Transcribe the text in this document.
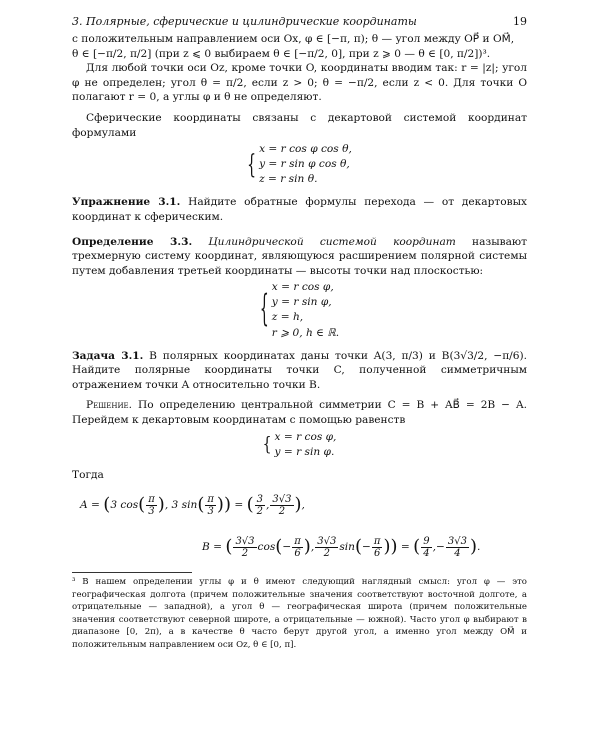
3. Полярные, сферические и цилиндрические координаты	19

с положительным направлением оси Ox, φ ∈ [−π, π); θ — угол между OP⃗ и OM⃗,

θ ∈ [−π/2, π/2] (при z ⩽ 0 выбираем θ ∈ [−π/2, 0], при z ⩾ 0 — θ ∈ [0, π/2])³.

Для любой точки оси Oz, кроме точки O, координаты вводим так: r = |z|; угол φ не определен; угол θ = π/2, если z > 0; θ = −π/2, если z < 0. Для точки O полагают r = 0, а углы φ и θ не определяют.

Сферические координаты связаны с декартовой системой координат формулами

{
x = r cos φ cos θ,
y = r sin φ cos θ,
z = r sin θ.

Упражнение 3.1. Найдите обратные формулы перехода — от декартовых координат к сферическим.

Определение 3.3. Цилиндрической системой координат называют трехмерную систему координат, являющуюся расширением полярной системы путем добавления третьей координаты — высоты точки над плоскостью:

{
x = r cos φ,
y = r sin φ,
z = h,
r ⩾ 0, h ∈ ℝ.

Задача 3.1. В полярных координатах даны точки A(3, π/3) и B(3√3/2, −π/6). Найдите полярные координаты точки C, полученной симметричным отражением точки A относительно точки B.

Решение. По определению центральной симметрии C = B + AB⃗ = 2B − A. Перейдем к декартовым координатам с помощью равенств

{ x = r cos φ,
y = r sin φ.

Тогда

A =
( 3 cos ( $\frac{\pi}{3}$ ) , 3 sin ( $\frac{\pi}{3}$ ) )
=
( $\frac{3}{2}$ , $\frac{3√3}{2}$ ) ,
B =
( $\frac{3√3}{2}$ cos ( − $\frac{\pi}{6}$ ) , $\frac{3√3}{2}$ sin ( − $\frac{\pi}{6}$ ) )
=
( $\frac{9}{4}$ , − $\frac{3√3}{4}$ ) .

³ В нашем определении углы φ и θ имеют следующий наглядный смысл: угол φ — это географическая долгота (причем положительные значения соответствуют восточной долготе, а отрицательные — западной), а угол θ — географическая широта (причем положительные значения соответствуют северной широте, а отрицательные — южной). Часто угол φ выбирают в диапазоне [0, 2π), а в качестве θ часто берут другой угол, а именно угол между OM⃗ и положительным направлением оси Oz, θ ∈ [0, π].
